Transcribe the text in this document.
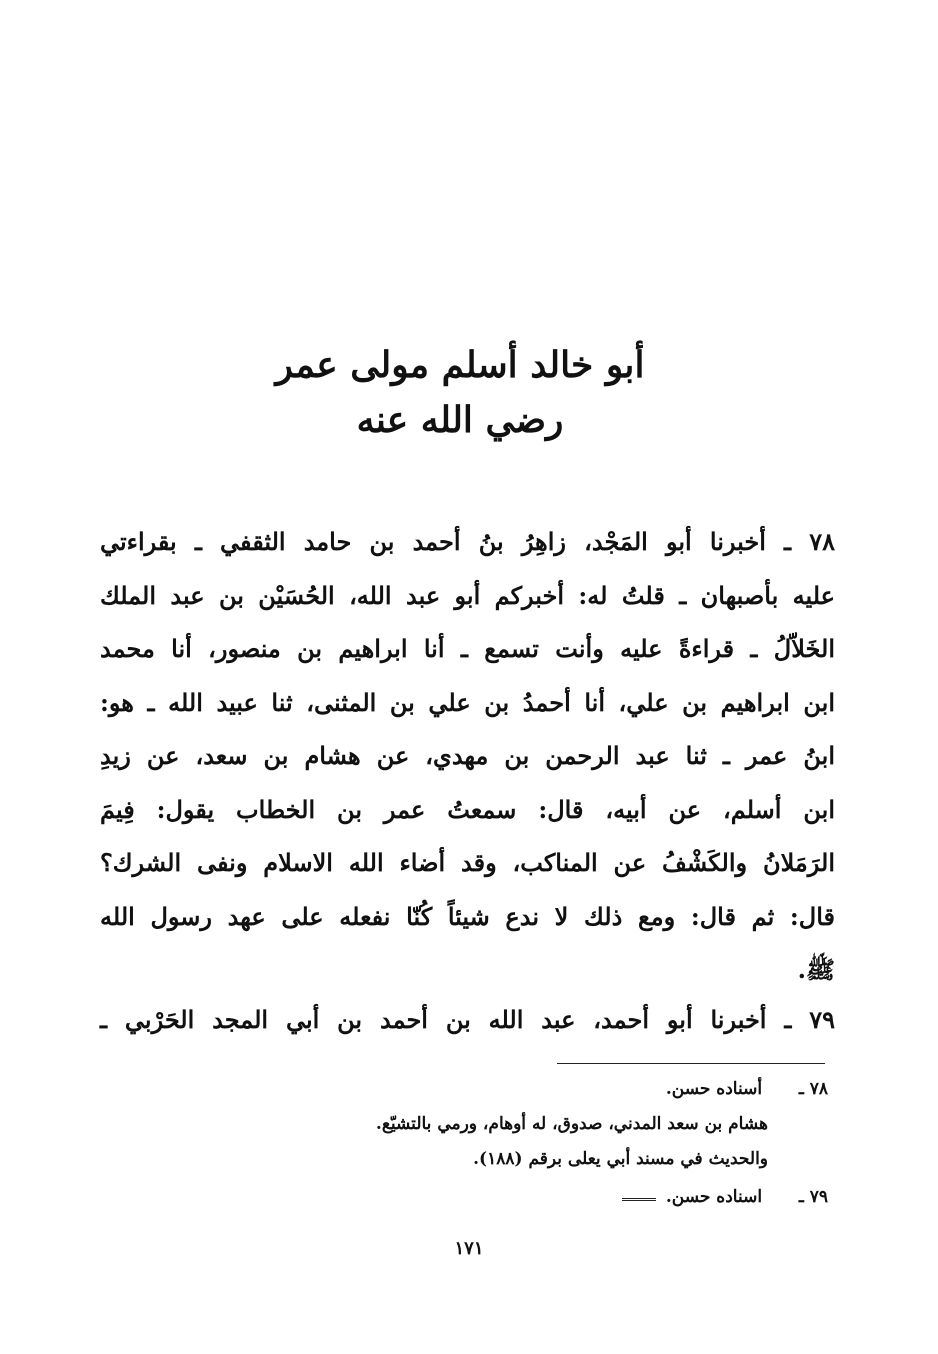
أبو خالد أسلم مولى عمر
رضي الله عنه
٧٨ ـ أخبرنا أبو المَجْد، زاهِرُ بنُ أحمد بن حامد الثقفي ـ بقراءتي
عليه بأصبهان ـ قلتُ له: أخبركم أبو عبد الله، الحُسَيْن بن عبد الملك
الخَلاّلُ ـ قراءةً عليه وأنت تسمع ـ أنا ابراهيم بن منصور، أنا محمد
ابن ابراهيم بن علي، أنا أحمدُ بن علي بن المثنى، ثنا عبيد الله ـ هو:
ابنُ عمر ـ ثنا عبد الرحمن بن مهدي، عن هشام بن سعد، عن زيدِ
ابن أسلم، عن أبيه، قال: سمعتُ عمر بن الخطاب يقول: فِيمَ
الرَمَلانُ والكَشْفُ عن المناكب، وقد أضاء الله الاسلام ونفى الشرك؟
قال: ثم قال: ومع ذلك لا ندع شيئاً كُنّا نفعله على عهد رسول الله
ﷺ.
٧٩ ـ أخبرنا أبو أحمد، عبد الله بن أحمد بن أبي المجد الحَرْبي ـ
٧٨ ـ أسناده حسن.
هشام بن سعد المدني، صدوق، له أوهام، ورمي بالتشيّع.
والحديث في مسند أبي يعلى برقم (١٨٨).
٧٩ ـ اسناده حسن.
١٧١
